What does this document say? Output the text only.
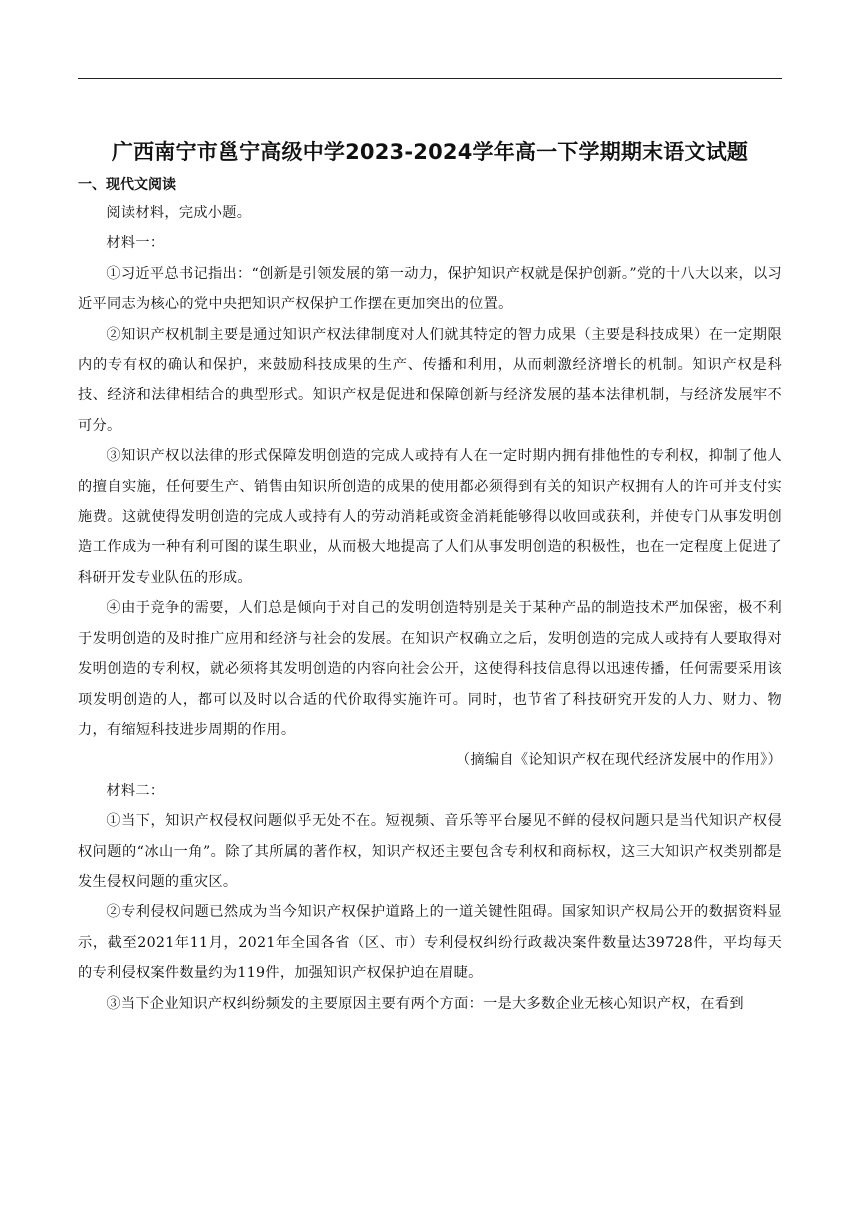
广西南宁市邕宁高级中学2023-2024学年高一下学期期末语文试题
一、现代文阅读

阅读材料，完成小题。

材料一：

①习近平总书记指出：“创新是引领发展的第一动力，保护知识产权就是保护创新。”党的十八大以来，以习近平同志为核心的党中央把知识产权保护工作摆在更加突出的位置。

②知识产权机制主要是通过知识产权法律制度对人们就其特定的智力成果（主要是科技成果）在一定期限内的专有权的确认和保护，来鼓励科技成果的生产、传播和利用，从而刺激经济增长的机制。知识产权是科技、经济和法律相结合的典型形式。知识产权是促进和保障创新与经济发展的基本法律机制，与经济发展牢不可分。

③知识产权以法律的形式保障发明创造的完成人或持有人在一定时期内拥有排他性的专利权，抑制了他人的擅自实施，任何要生产、销售由知识所创造的成果的使用都必须得到有关的知识产权拥有人的许可并支付实施费。这就使得发明创造的完成人或持有人的劳动消耗或资金消耗能够得以收回或获利，并使专门从事发明创造工作成为一种有利可图的谋生职业，从而极大地提高了人们从事发明创造的积极性，也在一定程度上促进了科研开发专业队伍的形成。

④由于竞争的需要，人们总是倾向于对自己的发明创造特别是关于某种产品的制造技术严加保密，极不利于发明创造的及时推广应用和经济与社会的发展。在知识产权确立之后，发明创造的完成人或持有人要取得对发明创造的专利权，就必须将其发明创造的内容向社会公开，这使得科技信息得以迅速传播，任何需要采用该项发明创造的人，都可以及时以合适的代价取得实施许可。同时，也节省了科技研究开发的人力、财力、物力，有缩短科技进步周期的作用。

（摘编自《论知识产权在现代经济发展中的作用》）

材料二：

①当下，知识产权侵权问题似乎无处不在。短视频、音乐等平台屡见不鲜的侵权问题只是当代知识产权侵权问题的“冰山一角”。除了其所属的著作权，知识产权还主要包含专利权和商标权，这三大知识产权类别都是发生侵权问题的重灾区。

②专利侵权问题已然成为当今知识产权保护道路上的一道关键性阻碍。国家知识产权局公开的数据资料显示，截至2021年11月，2021年全国各省（区、市）专利侵权纠纷行政裁决案件数量达39728件，平均每天的专利侵权案件数量约为119件，加强知识产权保护迫在眉睫。

③当下企业知识产权纠纷频发的主要原因主要有两个方面：一是大多数企业无核心知识产权，在看到
